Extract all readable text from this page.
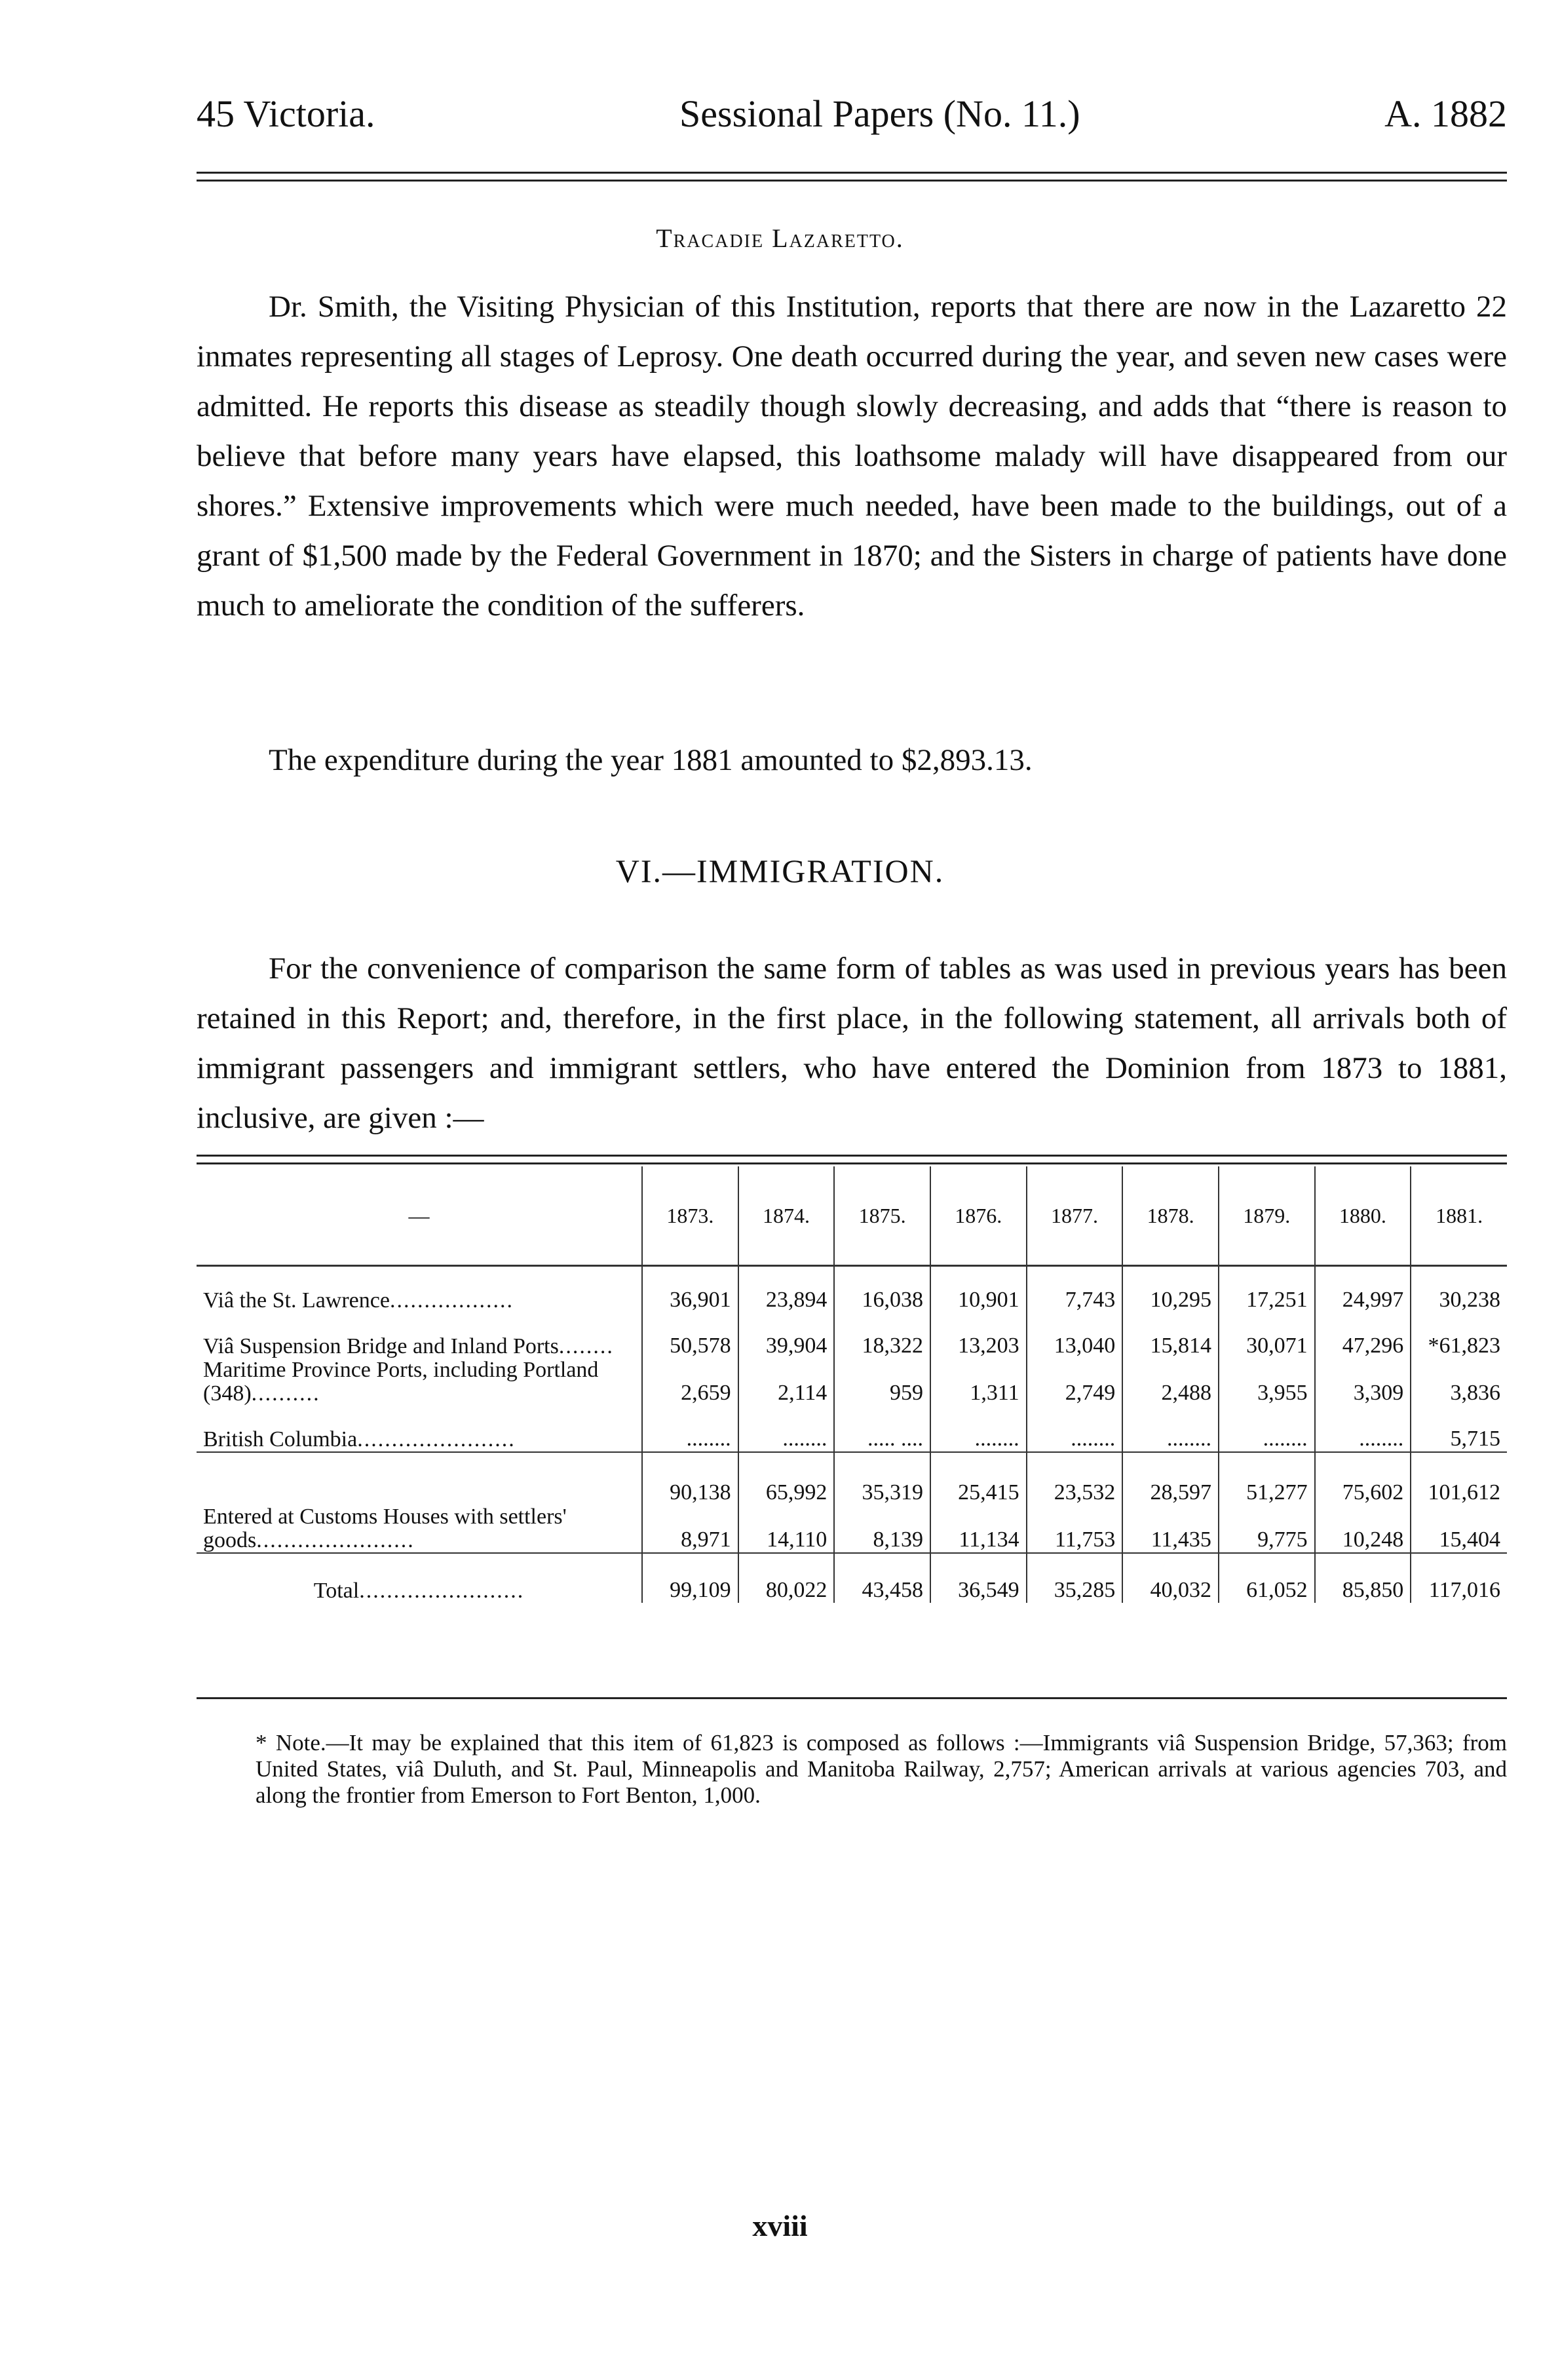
45 Victoria.	Sessional Papers (No. 11.)	A. 1882
Tracadie Lazaretto.

Dr. Smith, the Visiting Physician of this Institution, reports that there are now in the Lazaretto 22 inmates representing all stages of Leprosy. One death occurred during the year, and seven new cases were admitted. He reports this disease as steadily though slowly decreasing, and adds that “there is reason to believe that before many years have elapsed, this loathsome malady will have disappeared from our shores.” Extensive improvements which were much needed, have been made to the buildings, out of a grant of $1,500 made by the Federal Government in 1870; and the Sisters in charge of patients have done much to ameliorate the condition of the sufferers.

The expenditure during the year 1881 amounted to $2,893.13.

VI.—IMMIGRATION.

For the convenience of comparison the same form of tables as was used in previous years has been retained in this Report; and, therefore, in the first place, in the following statement, all arrivals both of immigrant passengers and immigrant settlers, who have entered the Dominion from 1873 to 1881, inclusive, are given :—

—	1873.	1874.	1875.	1876.	1877.	1878.	1879.	1880.	1881.
Viâ the St. Lawrence..................	36,901	23,894	16,038	10,901	7,743	10,295	17,251	24,997	30,238
Viâ Suspension Bridge and Inland Ports........	50,578	39,904	18,322	13,203	13,040	15,814	30,071	47,296	*61,823
Maritime Province Ports, including Portland (348)..........	2,659	2,114	959	1,311	2,749	2,488	3,955	3,309	3,836
British Columbia.......................	........	........	..... ....	........	........	........	........	........	5,715
	90,138	65,992	35,319	25,415	23,532	28,597	51,277	75,602	101,612
Entered at Customs Houses with settlers' goods.......................	8,971	14,110	8,139	11,134	11,753	11,435	9,775	10,248	15,404
Total........................	99,109	80,022	43,458	36,549	35,285	40,032	61,052	85,850	117,016
* Note.—It may be explained that this item of 61,823 is composed as follows :—Immigrants viâ Suspension Bridge, 57,363; from United States, viâ Duluth, and St. Paul, Minneapolis and Manitoba Railway, 2,757; American arrivals at various agencies 703, and along the frontier from Emerson to Fort Benton, 1,000.
xviii
